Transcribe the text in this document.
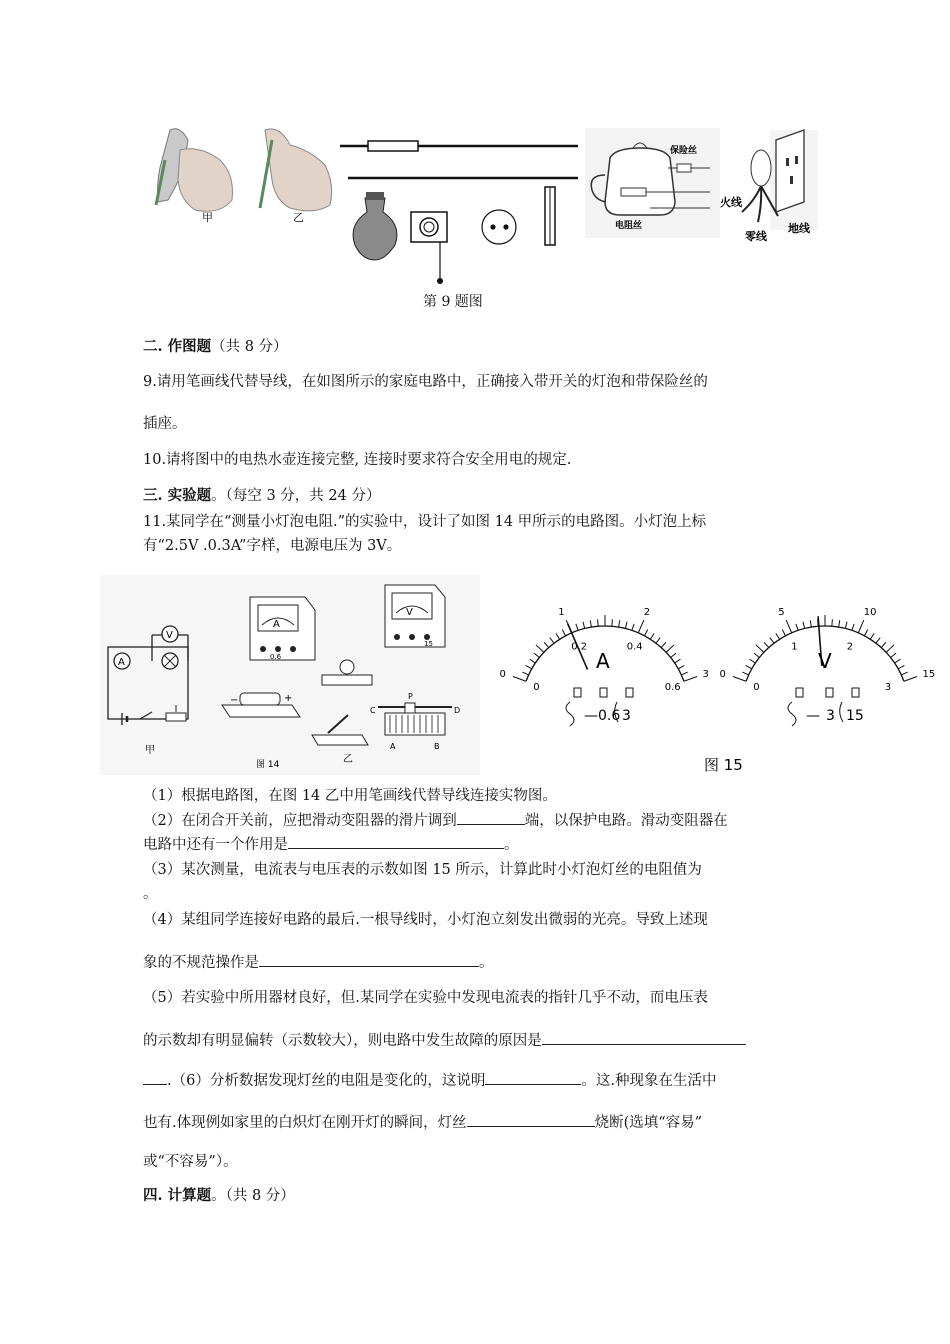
甲	乙
保险丝
电阻丝
火线
零线
地线
第 9 题图
二. 作图题（共 8 分）
9.请用笔画线代替导线，在如图所示的家庭电路中，正确接入带开关的灯泡和带保险丝的
插座。
10.请将图中的电热水壶连接完整, 连接时要求符合安全用电的规定.
三. 实验题。（每空 3 分，共 24 分）
11.某同学在“测量小灯泡电阻.”的实验中，设计了如图 14 甲所示的电路图。小灯泡上标
有“2.5V .0.3A”字样，电源电压为 3V。
V
A
甲
A
0.6
V
15
−	+
乙
P
C	D
A	B
图 14
0
1	2
3
0
0.2	0.4
0.6
A
0
5	10
15
0
1	2
3
V
— 0.6 3	— 3 15
图 15
（1）根据电路图，在图 14 乙中用笔画线代替导线连接实物图。
（2）在闭合开关前，应把滑动变阻器的滑片调到	端，以保护电路。滑动变阻器在
电路中还有一个作用是	。
（3）某次测量，电流表与电压表的示数如图 15 所示，计算此时小灯泡灯丝的电阻值为
。
（4）某组同学连接好电路的最后.一根导线时，小灯泡立刻发出微弱的光亮。导致上述现
象的不规范操作是	。
（5）若实验中所用器材良好，但.某同学在实验中发现电流表的指针几乎不动，而电压表
的示数却有明显偏转（示数较大），则电路中发生故障的原因是
.（6）分析数据发现灯丝的电阻是变化的，这说明	。这.种现象在生活中
也有.体现例如家里的白炽灯在刚开灯的瞬间，灯丝	烧断(选填“容易”
或“不容易”）。
四. 计算题。（共 8 分）
